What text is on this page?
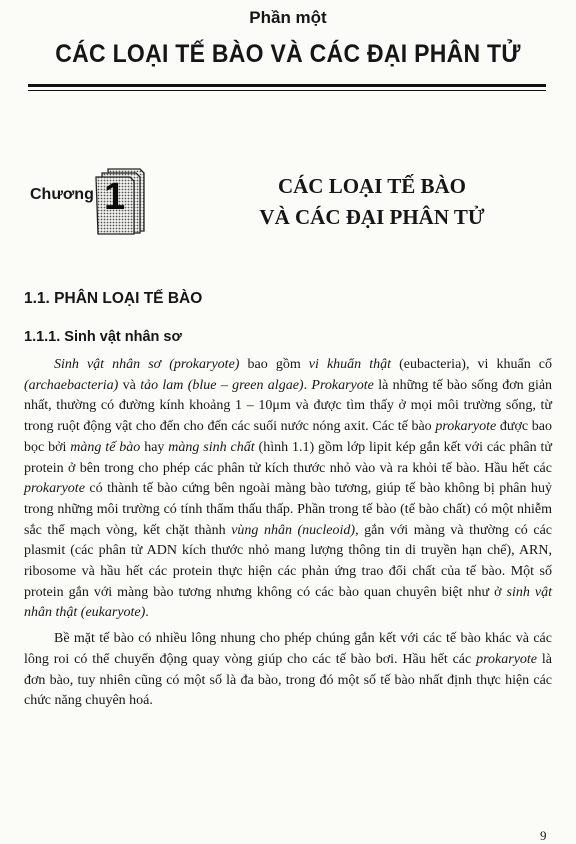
Phần một
CÁC LOẠI TẾ BÀO VÀ CÁC ĐẠI PHÂN TỬ
Chương 1	CÁC LOẠI TẾ BÀO
VÀ CÁC ĐẠI PHÂN TỬ
1.1. PHÂN LOẠI TẾ BÀO
1.1.1. Sinh vật nhân sơ

Sinh vật nhân sơ (prokaryote) bao gồm vi khuẩn thật (eubacteria), vi khuẩn cổ (archaebacteria) và tảo lam (blue – green algae). Prokaryote là những tế bào sống đơn giản nhất, thường có đường kính khoảng 1 – 10μm và được tìm thấy ở mọi môi trường sống, từ trong ruột động vật cho đến cho đến các suối nước nóng axit. Các tế bào prokaryote được bao bọc bởi màng tế bào hay màng sinh chất (hình 1.1) gồm lớp lipit kép gắn kết với các phân tử protein ở bên trong cho phép các phân tử kích thước nhỏ vào và ra khỏi tế bào. Hầu hết các prokaryote có thành tế bào cứng bên ngoài màng bào tương, giúp tế bào không bị phân huỷ trong những môi trường có tính thẩm thấu thấp. Phần trong tế bào (tế bào chất) có một nhiễm sắc thể mạch vòng, kết chặt thành vùng nhân (nucleoid), gắn với màng và thường có các plasmit (các phân tử ADN kích thước nhỏ mang lượng thông tin di truyền hạn chế), ARN, ribosome và hầu hết các protein thực hiện các phản ứng trao đổi chất của tế bào. Một số protein gắn với màng bào tương nhưng không có các bào quan chuyên biệt như ở sinh vật nhân thật (eukaryote).

Bề mặt tế bào có nhiều lông nhung cho phép chúng gắn kết với các tế bào khác và các lông roi có thể chuyển động quay vòng giúp cho các tế bào bơi. Hầu hết các prokaryote là đơn bào, tuy nhiên cũng có một số là đa bào, trong đó một số tế bào nhất định thực hiện các chức năng chuyên hoá.

9
